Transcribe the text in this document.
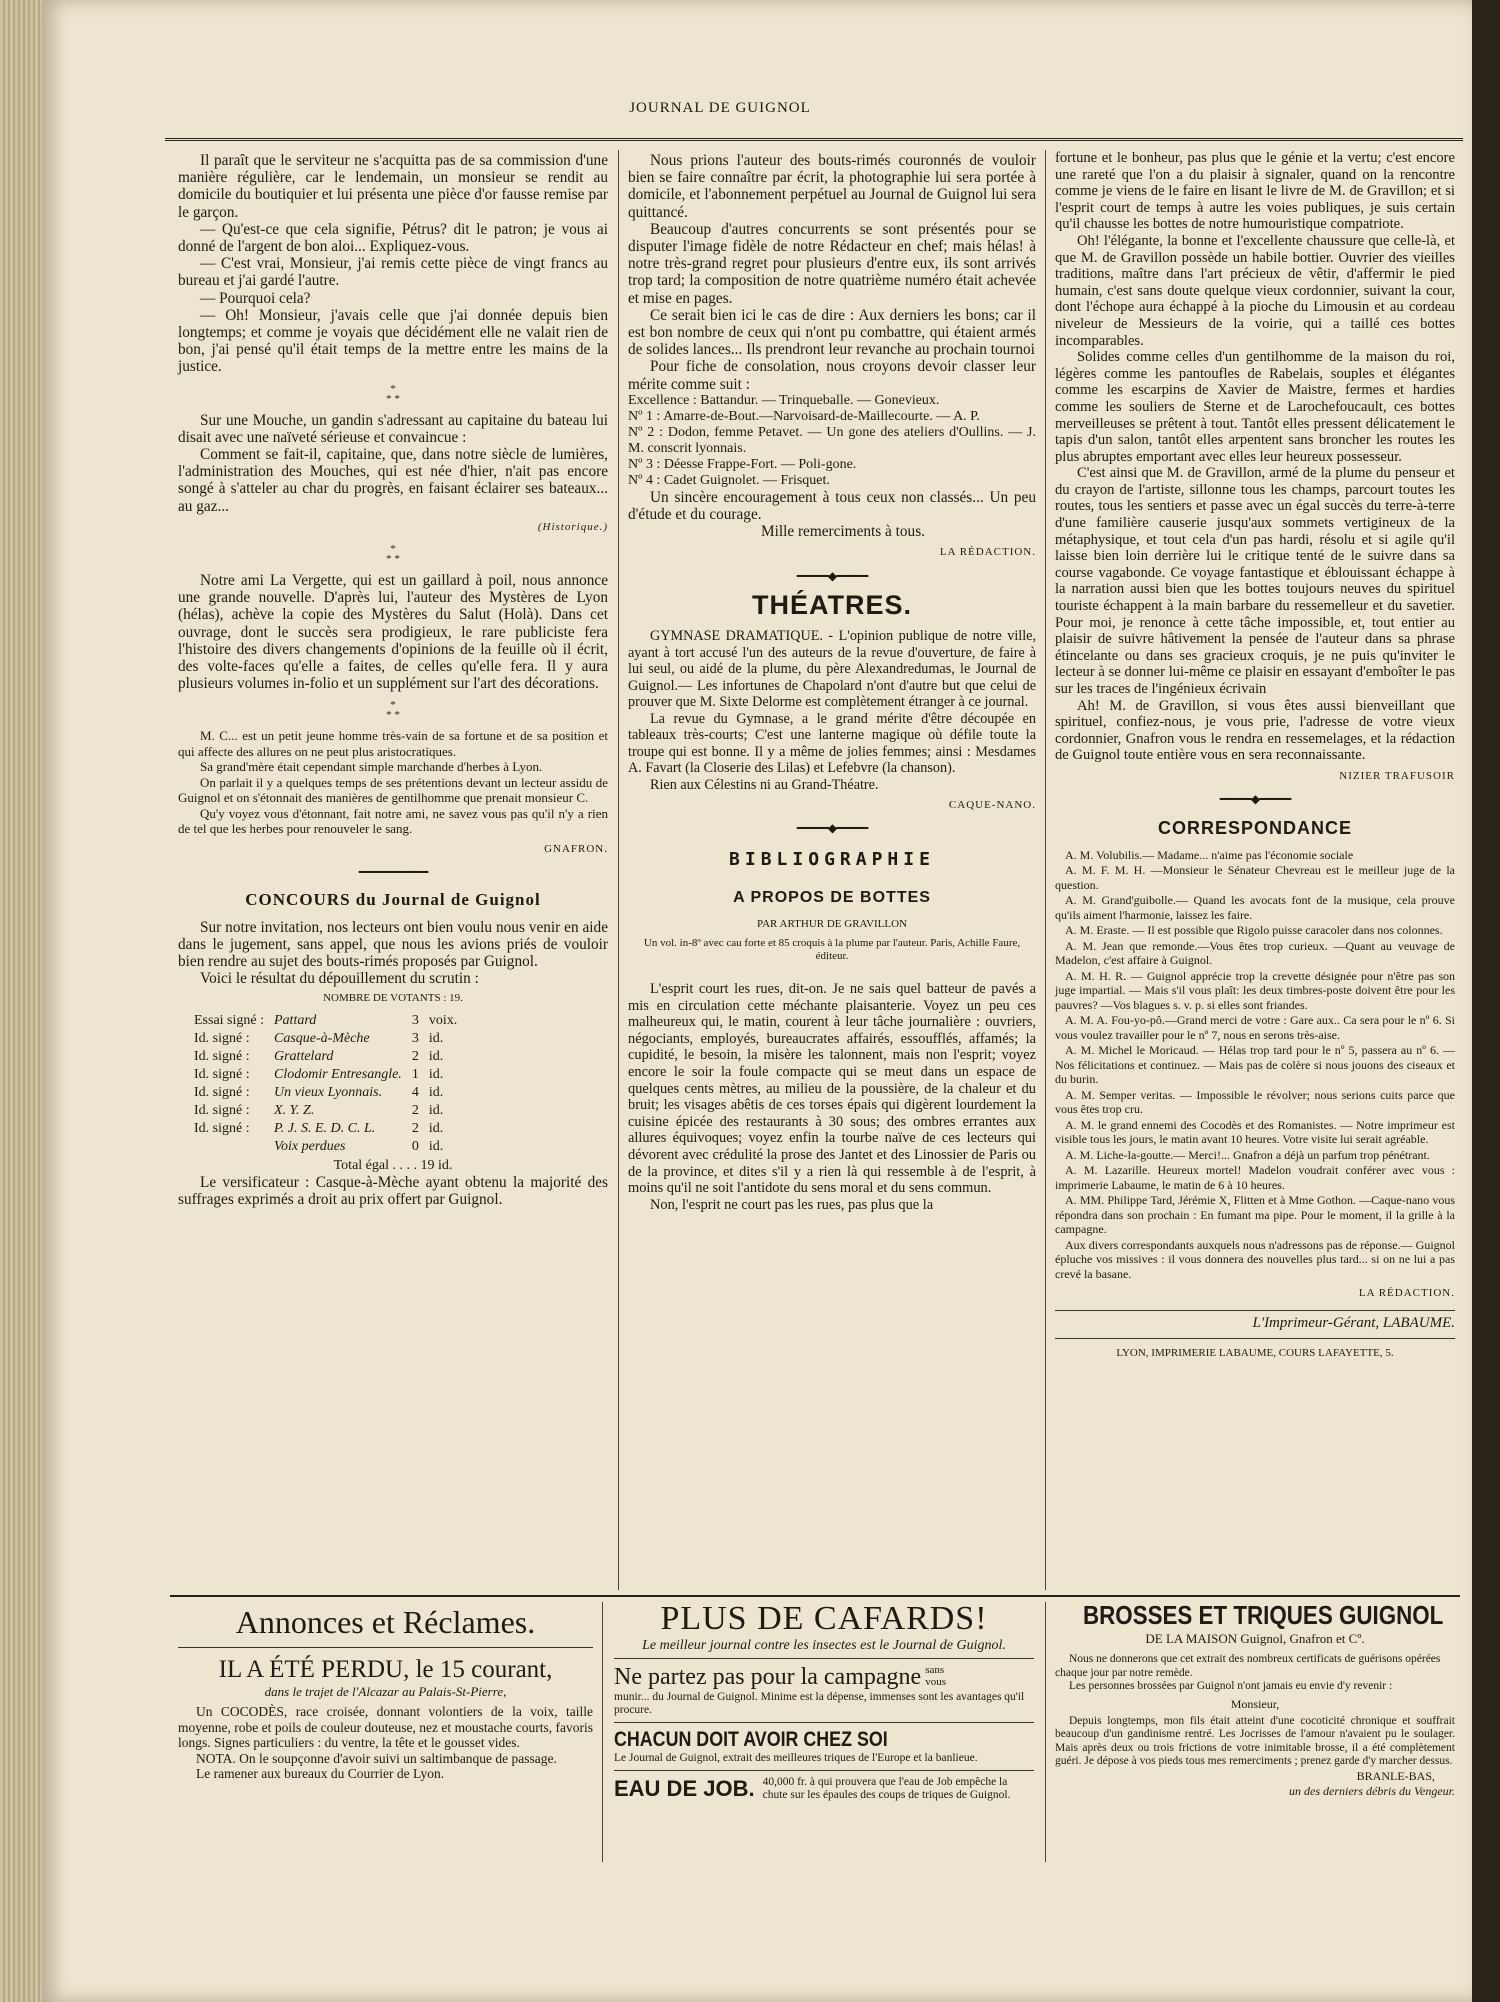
JOURNAL DE GUIGNOL

Il paraît que le serviteur ne s'acquitta pas de sa commission d'une manière régulière, car le lendemain, un monsieur se rendit au domicile du boutiquier et lui présenta une pièce d'or fausse remise par le garçon.

— Qu'est-ce que cela signifie, Pétrus? dit le patron; je vous ai donné de l'argent de bon aloi... Expliquez-vous.

— C'est vrai, Monsieur, j'ai remis cette pièce de vingt francs au bureau et j'ai gardé l'autre.

— Pourquoi cela?

— Oh! Monsieur, j'avais celle que j'ai donnée depuis bien longtemps; et comme je voyais que décidément elle ne valait rien de bon, j'ai pensé qu'il était temps de la mettre entre les mains de la justice.

*
* *

Sur une Mouche, un gandin s'adressant au capitaine du bateau lui disait avec une naïveté sérieuse et convaincue :

Comment se fait-il, capitaine, que, dans notre siècle de lumières, l'administration des Mouches, qui est née d'hier, n'ait pas encore songé à s'atteler au char du progrès, en faisant éclairer ses bateaux... au gaz...

(Historique.)
*
* *

Notre ami La Vergette, qui est un gaillard à poil, nous annonce une grande nouvelle. D'après lui, l'auteur des Mystères de Lyon (hélas), achève la copie des Mystères du Salut (Holà). Dans cet ouvrage, dont le succès sera prodigieux, le rare publiciste fera l'histoire des divers changements d'opinions de la feuille où il écrit, des volte-faces qu'elle a faites, de celles qu'elle fera. Il y aura plusieurs volumes in-folio et un supplément sur l'art des décorations.

*
* *

M. C... est un petit jeune homme très-vain de sa fortune et de sa position et qui affecte des allures on ne peut plus aristocratiques.

Sa grand'mère était cependant simple marchande d'herbes à Lyon.

On parlait il y a quelques temps de ses prétentions devant un lecteur assidu de Guignol et on s'étonnait des manières de gentilhomme que prenait monsieur C.

Qu'y voyez vous d'étonnant, fait notre ami, ne savez vous pas qu'il n'y a rien de tel que les herbes pour renouveler le sang.

GNAFRON.
━━━━━━━━━━━
CONCOURS du Journal de Guignol

Sur notre invitation, nos lecteurs ont bien voulu nous venir en aide dans le jugement, sans appel, que nous les avions priés de vouloir bien rendre au sujet des bouts-rimés proposés par Guignol.

Voici le résultat du dépouillement du scrutin :

NOMBRE DE VOTANTS : 19.
Essai signé :	Pattard	3	voix.
Id. signé :	Casque-à-Mèche	3	id.
Id. signé :	Grattelard	2	id.
Id. signé :	Clodomir Entresangle.	1	id.
Id. signé :	Un vieux Lyonnais.	4	id.
Id. signé :	X. Y. Z.	2	id.
Id. signé :	P. J. S. E. D. C. L.	2	id.
	Voix perdues	0	id.
Total égal . . . . 19 id.

Le versificateur : Casque-à-Mèche ayant obtenu la majorité des suffrages exprimés a droit au prix offert par Guignol.

Nous prions l'auteur des bouts-rimés couronnés de vouloir bien se faire connaître par écrit, la photographie lui sera portée à domicile, et l'abonnement perpétuel au Journal de Guignol lui sera quittancé.

Beaucoup d'autres concurrents se sont présentés pour se disputer l'image fidèle de notre Rédacteur en chef; mais hélas! à notre très-grand regret pour plusieurs d'entre eux, ils sont arrivés trop tard; la composition de notre quatrième numéro était achevée et mise en pages.

Ce serait bien ici le cas de dire : Aux derniers les bons; car il est bon nombre de ceux qui n'ont pu combattre, qui étaient armés de solides lances... Ils prendront leur revanche au prochain tournoi

Pour fiche de consolation, nous croyons devoir classer leur mérite comme suit :

Excellence : Battandur. — Trinqueballe. — Gonevieux.

Nº 1 : Amarre-de-Bout.—Narvoisard-de-Maillecourte. — A. P.

Nº 2 : Dodon, femme Petavet. — Un gone des ateliers d'Oullins. — J. M. conscrit lyonnais.

Nº 3 : Déesse Frappe-Fort. — Poli-gone.

Nº 4 : Cadet Guignolet. — Frisquet.

Un sincère encouragement à tous ceux non classés... Un peu d'étude et du courage.

Mille remerciments à tous.

LA RÉDACTION.
━━━━━◆━━━━━
THÉATRES.

GYMNASE DRAMATIQUE. - L'opinion publique de notre ville, ayant à tort accusé l'un des auteurs de la revue d'ouverture, de faire à lui seul, ou aidé de la plume, du père Alexandredumas, le Journal de Guignol.— Les infortunes de Chapolard n'ont d'autre but que celui de prouver que M. Sixte Delorme est complètement étranger à ce journal.

La revue du Gymnase, a le grand mérite d'être découpée en tableaux très-courts; C'est une lanterne magique où défile toute la troupe qui est bonne. Il y a même de jolies femmes; ainsi : Mesdames A. Favart (la Closerie des Lilas) et Lefebvre (la chanson).

Rien aux Célestins ni au Grand-Théatre.

CAQUE-NANO.
━━━━━◆━━━━━
BIBLIOGRAPHIE
A PROPOS DE BOTTES
PAR ARTHUR DE GRAVILLON
Un vol. in-8º avec cau forte et 85 croquis à la plume par l'auteur. Paris, Achille Faure, éditeur.

L'esprit court les rues, dit-on. Je ne sais quel batteur de pavés a mis en circulation cette méchante plaisanterie. Voyez un peu ces malheureux qui, le matin, courent à leur tâche journalière : ouvriers, négociants, employés, bureaucrates affairés, essoufflés, affamés; la cupidité, le besoin, la misère les talonnent, mais non l'esprit; voyez encore le soir la foule compacte qui se meut dans un espace de quelques cents mètres, au milieu de la poussière, de la chaleur et du bruit; les visages abêtis de ces torses épais qui digèrent lourdement la cuisine épicée des restaurants à 30 sous; des ombres errantes aux allures équivoques; voyez enfin la tourbe naïve de ces lecteurs qui dévorent avec crédulité la prose des Jantet et des Linossier de Paris ou de la province, et dites s'il y a rien là qui ressemble à de l'esprit, à moins qu'il ne soit l'antidote du sens moral et du sens commun.

Non, l'esprit ne court pas les rues, pas plus que la

fortune et le bonheur, pas plus que le génie et la vertu; c'est encore une rareté que l'on a du plaisir à signaler, quand on la rencontre comme je viens de le faire en lisant le livre de M. de Gravillon; et si l'esprit court de temps à autre les voies publiques, je suis certain qu'il chausse les bottes de notre humouristique compatriote.

Oh! l'élégante, la bonne et l'excellente chaussure que celle-là, et que M. de Gravillon possède un habile bottier. Ouvrier des vieilles traditions, maître dans l'art précieux de vêtir, d'affermir le pied humain, c'est sans doute quelque vieux cordonnier, suivant la cour, dont l'échope aura échappé à la pioche du Limousin et au cordeau niveleur de Messieurs de la voirie, qui a taillé ces bottes incomparables.

Solides comme celles d'un gentilhomme de la maison du roi, légères comme les pantoufles de Rabelais, souples et élégantes comme les escarpins de Xavier de Maistre, fermes et hardies comme les souliers de Sterne et de Larochefoucault, ces bottes merveilleuses se prêtent à tout. Tantôt elles pressent délicatement le tapis d'un salon, tantôt elles arpentent sans broncher les routes les plus abruptes emportant avec elles leur heureux possesseur.

C'est ainsi que M. de Gravillon, armé de la plume du penseur et du crayon de l'artiste, sillonne tous les champs, parcourt toutes les routes, tous les sentiers et passe avec un égal succès du terre-à-terre d'une familière causerie jusqu'aux sommets vertigineux de la métaphysique, et tout cela d'un pas hardi, résolu et si agile qu'il laisse bien loin derrière lui le critique tenté de le suivre dans sa course vagabonde. Ce voyage fantastique et éblouissant échappe à la narration aussi bien que les bottes toujours neuves du spirituel touriste échappent à la main barbare du ressemelleur et du savetier. Pour moi, je renonce à cette tâche impossible, et, tout entier au plaisir de suivre hâtivement la pensée de l'auteur dans sa phrase étincelante ou dans ses gracieux croquis, je ne puis qu'inviter le lecteur à se donner lui-même ce plaisir en essayant d'emboîter le pas sur les traces de l'ingénieux écrivain

Ah! M. de Gravillon, si vous êtes aussi bienveillant que spirituel, confiez-nous, je vous prie, l'adresse de votre vieux cordonnier, Gnafron vous le rendra en ressemelages, et la rédaction de Guignol toute entière vous en sera reconnaissante.

NIZIER TRAFUSOIR
━━━━━◆━━━━━
CORRESPONDANCE

A. M. Volubilis.— Madame... n'aime pas l'économie sociale

A. M. F. M. H. —Monsieur le Sénateur Chevreau est le meilleur juge de la question.

A. M. Grand'guibolle.— Quand les avocats font de la musique, cela prouve qu'ils aiment l'harmonie, laissez les faire.

A. M. Eraste. — Il est possible que Rigolo puisse caracoler dans nos colonnes.

A. M. Jean que remonde.—Vous êtes trop curieux. —Quant au veuvage de Madelon, c'est affaire à Guignol.

A. M. H. R. — Guignol apprécie trop la crevette désignée pour n'être pas son juge impartial. — Mais s'il vous plaît: les deux timbres-poste doivent être pour les pauvres? —Vos blagues s. v. p. si elles sont friandes.

A. M. A. Fou-yo-pô.—Grand merci de votre : Gare aux.. Ca sera pour le nº 6. Si vous voulez travailler pour le nº 7, nous en serons très-aise.

A. M. Michel le Moricaud. — Hélas trop tard pour le nº 5, passera au nº 6. — Nos félicitations et continuez. — Mais pas de colère si nous jouons des ciseaux et du burin.

A. M. Semper veritas. — Impossible le révolver; nous serions cuits parce que vous êtes trop cru.

A. M. le grand ennemi des Cocodès et des Romanistes. — Notre imprimeur est visible tous les jours, le matin avant 10 heures. Votre visite lui serait agréable.

A. M. Liche-la-goutte.— Merci!... Gnafron a déjà un parfum trop pénétrant.

A. M. Lazarille. Heureux mortel! Madelon voudrait conférer avec vous : imprimerie Labaume, le matin de 6 à 10 heures.

A. MM. Philippe Tard, Jérémie X, Flitten et à Mme Gothon. —Caque-nano vous répondra dans son prochain : En fumant ma pipe. Pour le moment, il la grille à la campagne.

Aux divers correspondants auxquels nous n'adressons pas de réponse.— Guignol épluche vos missives : il vous donnera des nouvelles plus tard... si on ne lui a pas crevé la basane.

LA RÉDACTION.
L'Imprimeur-Gérant, LABAUME.
LYON, IMPRIMERIE LABAUME, COURS LAFAYETTE, 5.
Annonces et Réclames.
IL A ÉTÉ PERDU, le 15 courant,
dans le trajet de l'Alcazar au Palais-St-Pierre,
Un COCODÈS, race croisée, donnant volontiers de la voix, taille moyenne, robe et poils de couleur douteuse, nez et moustache courts, favoris longs. Signes particuliers : du ventre, la tête et le gousset vides.
NOTA. On le soupçonne d'avoir suivi un saltimbanque de passage.
Le ramener aux bureaux du Courrier de Lyon.
PLUS DE CAFARDS!
Le meilleur journal contre les insectes est le Journal de Guignol.
Ne partez pas pour la campagne sans vous
munir... du Journal de Guignol. Minime est la dépense, immenses sont les avantages qu'il procure.
CHACUN DOIT AVOIR CHEZ SOI
Le Journal de Guignol, extrait des meilleures triques de l'Europe et la banlieue.
EAU DE JOB. 40,000 fr. à qui prouvera que l'eau de Job empêche la chute sur les épaules des coups de triques de Guignol.
BROSSES ET TRIQUES GUIGNOL
DE LA MAISON Guignol, Gnafron et Cº.
Nous ne donnerons que cet extrait des nombreux certificats de guérisons opérées chaque jour par notre remède.
Les personnes brossées par Guignol n'ont jamais eu envie d'y revenir :
Monsieur,
Depuis longtemps, mon fils était atteint d'une cocoticité chronique et souffrait beaucoup d'un gandinisme rentré. Les Jocrisses de l'amour n'avaient pu le soulager. Mais après deux ou trois frictions de votre inimitable brosse, il a été complètement guéri. Je dépose à vos pieds tous mes remerciments ; prenez garde d'y marcher dessus.
BRANLE-BAS,
un des derniers débris du Vengeur.
